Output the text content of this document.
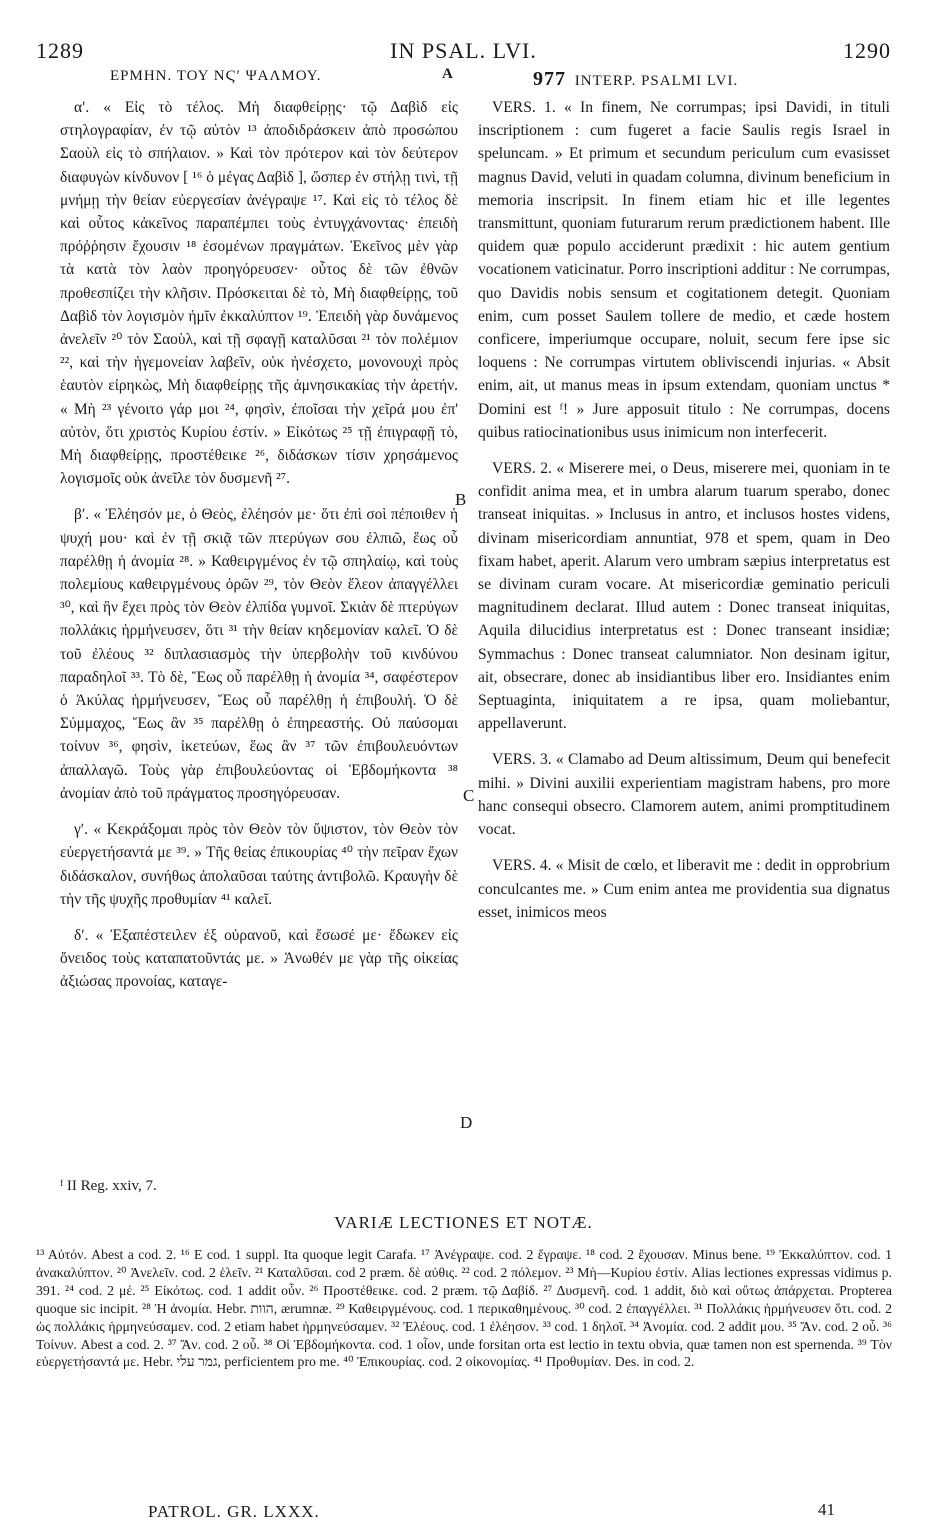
1289	IN PSAL. LVI.	1290
ΕΡΜΗΝ. ΤΟΥ ΝϚʹ ΨΑΛΜΟΥ.	A	977 INTERP. PSALMI LVI.

αʹ. « Εἰς τὸ τέλος. Μὴ διαφθείρῃς· τῷ Δαβὶδ εἰς στηλογραφίαν, ἐν τῷ αὐτὸν ¹³ ἀποδιδράσκειν ἀπὸ προσώπου Σαοὺλ εἰς τὸ σπήλαιον. » Καὶ τὸν πρότερον καὶ τὸν δεύτερον διαφυγὼν κίνδυνον [ ¹⁶ ὁ μέγας Δαβὶδ ], ὥσπερ ἐν στήλῃ τινὶ, τῇ μνήμῃ τὴν θείαν εὐεργεσίαν ἀνέγραψε ¹⁷. Καὶ εἰς τὸ τέλος δὲ καὶ οὗτος κἀκεῖνος παραπέμπει τοὺς ἐντυγχάνοντας· ἐπειδὴ πρόῤῥησιν ἔχουσιν ¹⁸ ἐσομένων πραγμάτων. Ἐκεῖνος μὲν γὰρ τὰ κατὰ τὸν λαὸν προηγόρευσεν· οὗτος δὲ τῶν ἐθνῶν προθεσπίζει τὴν κλῆσιν. Πρόσκειται δὲ τὸ, Μὴ διαφθείρῃς, τοῦ Δαβὶδ τὸν λογισμὸν ἡμῖν ἐκκαλύπτον ¹⁹. Ἐπειδὴ γὰρ δυνάμενος ἀνελεῖν ²⁰ τὸν Σαοὺλ, καὶ τῇ σφαγῇ καταλῦσαι ²¹ τὸν πολέμιον ²², καὶ τὴν ἡγεμονείαν λαβεῖν, οὐκ ἠνέσχετο, μονονουχὶ πρὸς ἑαυτὸν εἰρηκὼς, Μὴ διαφθείρῃς τῆς ἀμνησικακίας τὴν ἀρετήν. « Μὴ ²³ γένοιτο γάρ μοι ²⁴, φησὶν, ἐποῖσαι τὴν χεῖρά μου ἐπ' αὐτὸν, ὅτι χριστὸς Κυρίου ἐστίν. » Εἰκότως ²⁵ τῇ ἐπιγραφῇ τὸ, Μὴ διαφθείρῃς, προστέθεικε ²⁶, διδάσκων τίσιν χρησάμενος λογισμοῖς οὐκ ἀνεῖλε τὸν δυσμενῆ ²⁷.

βʹ. « Ἐλέησόν με, ὁ Θεὸς, ἐλέησόν με· ὅτι ἐπὶ σοὶ πέποιθεν ἡ ψυχή μου· καὶ ἐν τῇ σκιᾷ τῶν πτερύγων σου ἐλπιῶ, ἕως οὗ παρέλθῃ ἡ ἀνομία ²⁸. » Καθειργμένος ἐν τῷ σπηλαίῳ, καὶ τοὺς πολεμίους καθειργμένους ὁρῶν ²⁹, τὸν Θεὸν ἔλεον ἀπαγγέλλει ³⁰, καὶ ἣν ἔχει πρὸς τὸν Θεὸν ἐλπίδα γυμνοῖ. Σκιὰν δὲ πτερύγων πολλάκις ἡρμήνευσεν, ὅτι ³¹ τὴν θείαν κηδεμονίαν καλεῖ. Ὁ δὲ τοῦ ἐλέους ³² διπλασιασμὸς τὴν ὑπερβολὴν τοῦ κινδύνου παραδηλοῖ ³³. Τὸ δὲ, Ἕως οὗ παρέλθῃ ἡ ἀνομία ³⁴, σαφέστερον ὁ Ἀκύλας ἡρμήνευσεν, Ἕως οὗ παρέλθῃ ἡ ἐπιβουλή. Ὁ δὲ Σύμμαχος, Ἕως ἂν ³⁵ παρέλθῃ ὁ ἐπηρεαστής. Οὐ παύσομαι τοίνυν ³⁶, φησὶν, ἱκετεύων, ἕως ἂν ³⁷ τῶν ἐπιβουλευόντων ἀπαλλαγῶ. Τοὺς γὰρ ἐπιβουλεύοντας οἱ Ἑβδομήκοντα ³⁸ ἀνομίαν ἀπὸ τοῦ πράγματος προσηγόρευσαν.

γʹ. « Κεκράξομαι πρὸς τὸν Θεὸν τὸν ὕψιστον, τὸν Θεὸν τὸν εὐεργετήσαντά με ³⁹. » Τῆς θείας ἐπικουρίας ⁴⁰ τὴν πεῖραν ἔχων διδάσκαλον, συνήθως ἀπολαῦσαι ταύτης ἀντιβολῶ. Κραυγὴν δὲ τὴν τῆς ψυχῆς προθυμίαν ⁴¹ καλεῖ.

δʹ. « Ἐξαπέστειλεν ἐξ οὐρανοῦ, καὶ ἔσωσέ με· ἔδωκεν εἰς ὄνειδος τοὺς καταπατοῦντάς με. » Ἀνωθέν με γὰρ τῆς οἰκείας ἀξιώσας προνοίας, καταγε-

B
C
D

VERS. 1. « In finem, Ne corrumpas; ipsi Davidi, in tituli inscriptionem : cum fugeret a facie Saulis regis Israel in speluncam. » Et primum et secundum periculum cum evasisset magnus David, veluti in quadam columna, divinum beneficium in memoria inscripsit. In finem etiam hic et ille legentes transmittunt, quoniam futurarum rerum prædictionem habent. Ille quidem quæ populo acciderunt prædixit : hic autem gentium vocationem vaticinatur. Porro inscriptioni additur : Ne corrumpas, quo Davidis nobis sensum et cogitationem detegit. Quoniam enim, cum posset Saulem tollere de medio, et cæde hostem conficere, imperiumque occupare, noluit, secum fere ipse sic loquens : Ne corrumpas virtutem obliviscendi injurias. « Absit enim, ait, ut manus meas in ipsum extendam, quoniam unctus * Domini est ᶠ! » Jure apposuit titulo : Ne corrumpas, docens quibus ratiocinationibus usus inimicum non interfecerit.

VERS. 2. « Miserere mei, o Deus, miserere mei, quoniam in te confidit anima mea, et in umbra alarum tuarum sperabo, donec transeat iniquitas. » Inclusus in antro, et inclusos hostes videns, divinam misericordiam annuntiat, 978 et spem, quam in Deo fixam habet, aperit. Alarum vero umbram sæpius interpretatus est se divinam curam vocare. At misericordiæ geminatio periculi magnitudinem declarat. Illud autem : Donec transeat iniquitas, Aquila dilucidius interpretatus est : Donec transeant insidiæ; Symmachus : Donec transeat calumniator. Non desinam igitur, ait, obsecrare, donec ab insidiantibus liber ero. Insidiantes enim Septuaginta, iniquitatem a re ipsa, quam moliebantur, appellaverunt.

VERS. 3. « Clamabo ad Deum altissimum, Deum qui benefecit mihi. » Divini auxilii experientiam magistram habens, pro more hanc consequi obsecro. Clamorem autem, animi promptitudinem vocat.

VERS. 4. « Misit de cœlo, et liberavit me : dedit in opprobrium conculcantes me. » Cum enim antea me providentia sua dignatus esset, inimicos meos

ᶠ II Reg. xxiv, 7.
VARIÆ LECTIONES ET NOTÆ.
¹³ Αὐτόν. Abest a cod. 2. ¹⁶ E cod. 1 suppl. Ita quoque legit Carafa. ¹⁷ Ἀνέγραψε. cod. 2 ἔγραψε. ¹⁸ cod. 2 ἔχουσαν. Minus bene. ¹⁹ Ἐκκαλύπτον. cod. 1 ἀνακαλύπτον. ²⁰ Ἀνελεῖν. cod. 2 ἑλεῖν. ²¹ Καταλῦσαι. cod 2 præm. δὲ αὐθις. ²² cod. 2 πόλεμον. ²³ Μὴ—Κυρίου ἐστίν. Alias lectiones expressas vidimus p. 391. ²⁴ cod. 2 μέ. ²⁵ Εἰκότως. cod. 1 addit οὖν. ²⁶ Προστέθεικε. cod. 2 præm. τῷ Δαβίδ. ²⁷ Δυσμενῆ. cod. 1 addit, διὸ καὶ οὕτως ἀπάρχεται. Propterea quoque sic incipit. ²⁸ Ἡ ἀνομία. Hebr. הוות, ærumnæ. ²⁹ Καθειργμένους. cod. 1 περικαθημένους. ³⁰ cod. 2 ἐπαγγέλλει. ³¹ Πολλάκις ἡρμήνευσεν ὅτι. cod. 2 ὡς πολλάκις ἡρμηνεύσαμεν. cod. 2 etiam habet ἡρμηνεύσαμεν. ³² Ἐλέους. cod. 1 ἐλέησον. ³³ cod. 1 δηλοῖ. ³⁴ Ἀνομία. cod. 2 addit μου. ³⁵ Ἄν. cod. 2 οὗ. ³⁶ Τοίνυν. Abest a cod. 2. ³⁷ Ἄν. cod. 2 οὗ. ³⁸ Οἱ Ἑβδομήκοντα. cod. 1 οἶον, unde forsitan orta est lectio in textu obvia, quæ tamen non est spernenda. ³⁹ Τὸν εὐεργετήσαντά με. Hebr. גמר עלי, perficientem pro me. ⁴⁰ Ἐπικουρίας. cod. 2 οἰκονομίας. ⁴¹ Προθυμίαν. Des. in cod. 2.
PATROL. GR. LXXX.	41
